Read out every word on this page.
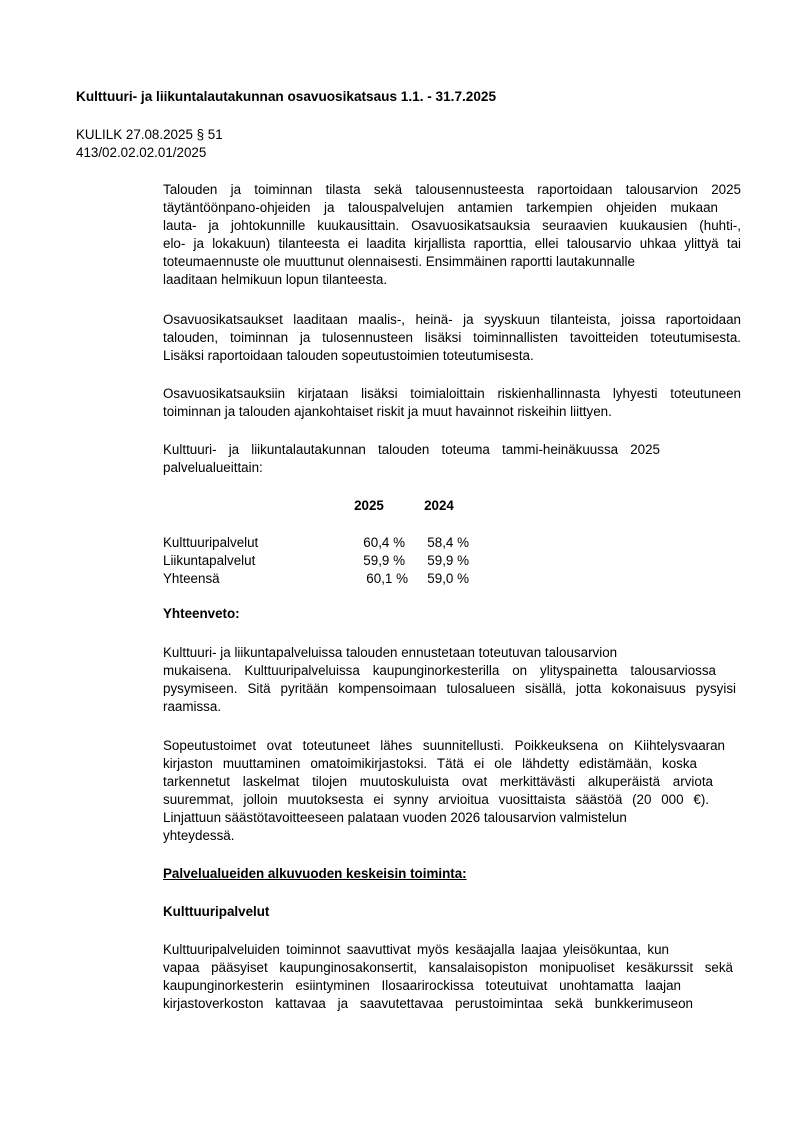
Kulttuuri- ja liikuntalautakunnan osavuosikatsaus 1.1. - 31.7.2025
KULILK 27.08.2025 § 51
413/02.02.02.01/2025

Talouden ja toiminnan tilasta sekä talousennusteesta raportoidaan talousarvion 2025
täytäntöönpano-ohjeiden ja talouspalvelujen antamien tarkempien ohjeiden mukaan
lauta- ja johtokunnille kuukausittain. Osavuosikatsauksia seuraavien kuukausien (huhti-,
elo- ja lokakuun) tilanteesta ei laadita kirjallista raporttia, ellei talousarvio uhkaa ylittyä tai
toteumaennuste ole muuttunut olennaisesti. Ensimmäinen raportti lautakunnalle
laaditaan helmikuun lopun tilanteesta.

Osavuosikatsaukset laaditaan maalis-, heinä- ja syyskuun tilanteista, joissa raportoidaan
talouden, toiminnan ja tulosennusteen lisäksi toiminnallisten tavoitteiden toteutumisesta.
Lisäksi raportoidaan talouden sopeutustoimien toteutumisesta.

Osavuosikatsauksiin kirjataan lisäksi toimialoittain riskienhallinnasta lyhyesti toteutuneen
toiminnan ja talouden ajankohtaiset riskit ja muut havainnot riskeihin liittyen.

Kulttuuri- ja liikuntalautakunnan talouden toteuma tammi-heinäkuussa 2025
palvelualueittain:

2025	2024
Kulttuuripalvelut	60,4 %	58,4 %
Liikuntapalvelut	59,9 %	59,9 %
Yhteensä	60,1 %	59,0 %
Yhteenveto:

Kulttuuri- ja liikuntapalveluissa talouden ennustetaan toteutuvan talousarvion
mukaisena. Kulttuuripalveluissa kaupunginorkesterilla on ylityspainetta talousarviossa
pysymiseen. Sitä pyritään kompensoimaan tulosalueen sisällä, jotta kokonaisuus pysyisi
raamissa.

Sopeutustoimet ovat toteutuneet lähes suunnitellusti. Poikkeuksena on Kiihtelysvaaran
kirjaston muuttaminen omatoimikirjastoksi. Tätä ei ole lähdetty edistämään, koska
tarkennetut laskelmat tilojen muutoskuluista ovat merkittävästi alkuperäistä arviota
suuremmat, jolloin muutoksesta ei synny arvioitua vuosittaista säästöä (20 000 €).
Linjattuun säästötavoitteeseen palataan vuoden 2026 talousarvion valmistelun
yhteydessä.

Palvelualueiden alkuvuoden keskeisin toiminta:
Kulttuuripalvelut

Kulttuuripalveluiden toiminnot saavuttivat myös kesäajalla laajaa yleisökuntaa, kun
vapaa pääsyiset kaupunginosakonsertit, kansalaisopiston monipuoliset kesäkurssit sekä
kaupunginorkesterin esiintyminen Ilosaarirockissa toteutuivat unohtamatta laajan
kirjastoverkoston kattavaa ja saavutettavaa perustoimintaa sekä bunkkerimuseon
